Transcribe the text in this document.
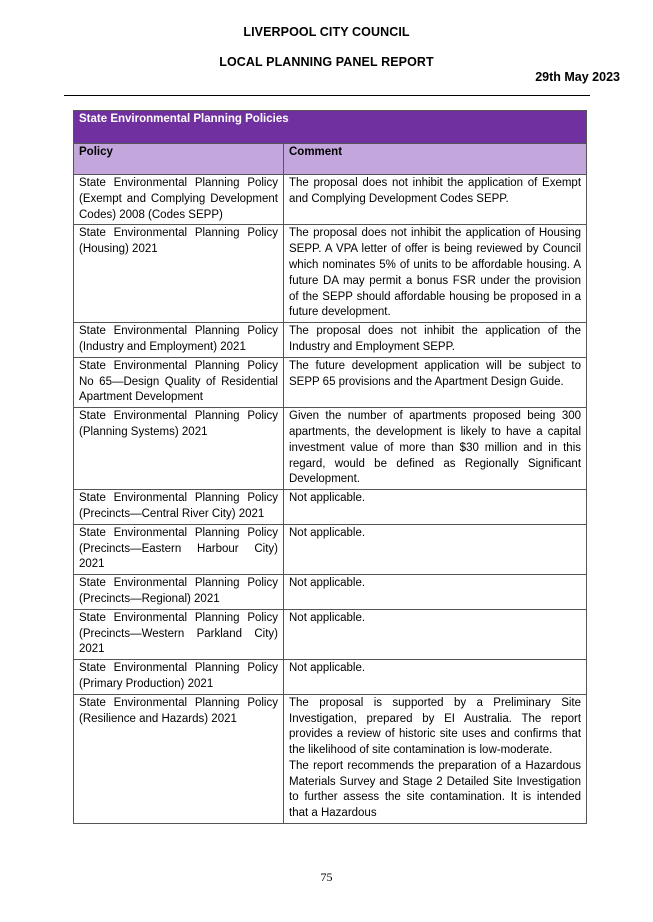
LIVERPOOL CITY COUNCIL
LOCAL PLANNING PANEL REPORT
29th May 2023
State Environmental Planning Policies	
Policy	Comment
State Environmental Planning Policy (Exempt and Complying Development Codes) 2008 (Codes SEPP)	The proposal does not inhibit the application of Exempt and Complying Development Codes SEPP.

State Environmental Planning Policy (Housing) 2021	The proposal does not inhibit the application of Housing SEPP. A VPA letter of offer is being reviewed by Council which nominates 5% of units to be affordable housing. A future DA may permit a bonus FSR under the provision of the SEPP should affordable housing be proposed in a future development.

State Environmental Planning Policy (Industry and Employment) 2021	The proposal does not inhibit the application of the Industry and Employment SEPP.

State Environmental Planning Policy No 65—Design Quality of Residential Apartment Development	The future development application will be subject to SEPP 65 provisions and the Apartment Design Guide.

State Environmental Planning Policy (Planning Systems) 2021	Given the number of apartments proposed being 300 apartments, the development is likely to have a capital investment value of more than $30 million and in this regard, would be defined as Regionally Significant Development.

State Environmental Planning Policy (Precincts—Central River City) 2021	Not applicable.

State Environmental Planning Policy (Precincts—Eastern Harbour City) 2021	Not applicable.

State Environmental Planning Policy (Precincts—Regional) 2021	Not applicable.

State Environmental Planning Policy (Precincts—Western Parkland City) 2021	Not applicable.

State Environmental Planning Policy (Primary Production) 2021	Not applicable.

State Environmental Planning Policy (Resilience and Hazards) 2021	The proposal is supported by a Preliminary Site Investigation, prepared by EI Australia. The report provides a review of historic site uses and confirms that the likelihood of site contamination is low-moderate.
The report recommends the preparation of a Hazardous Materials Survey and Stage 2 Detailed Site Investigation to further assess the site contamination. It is intended that a Hazardous
75
